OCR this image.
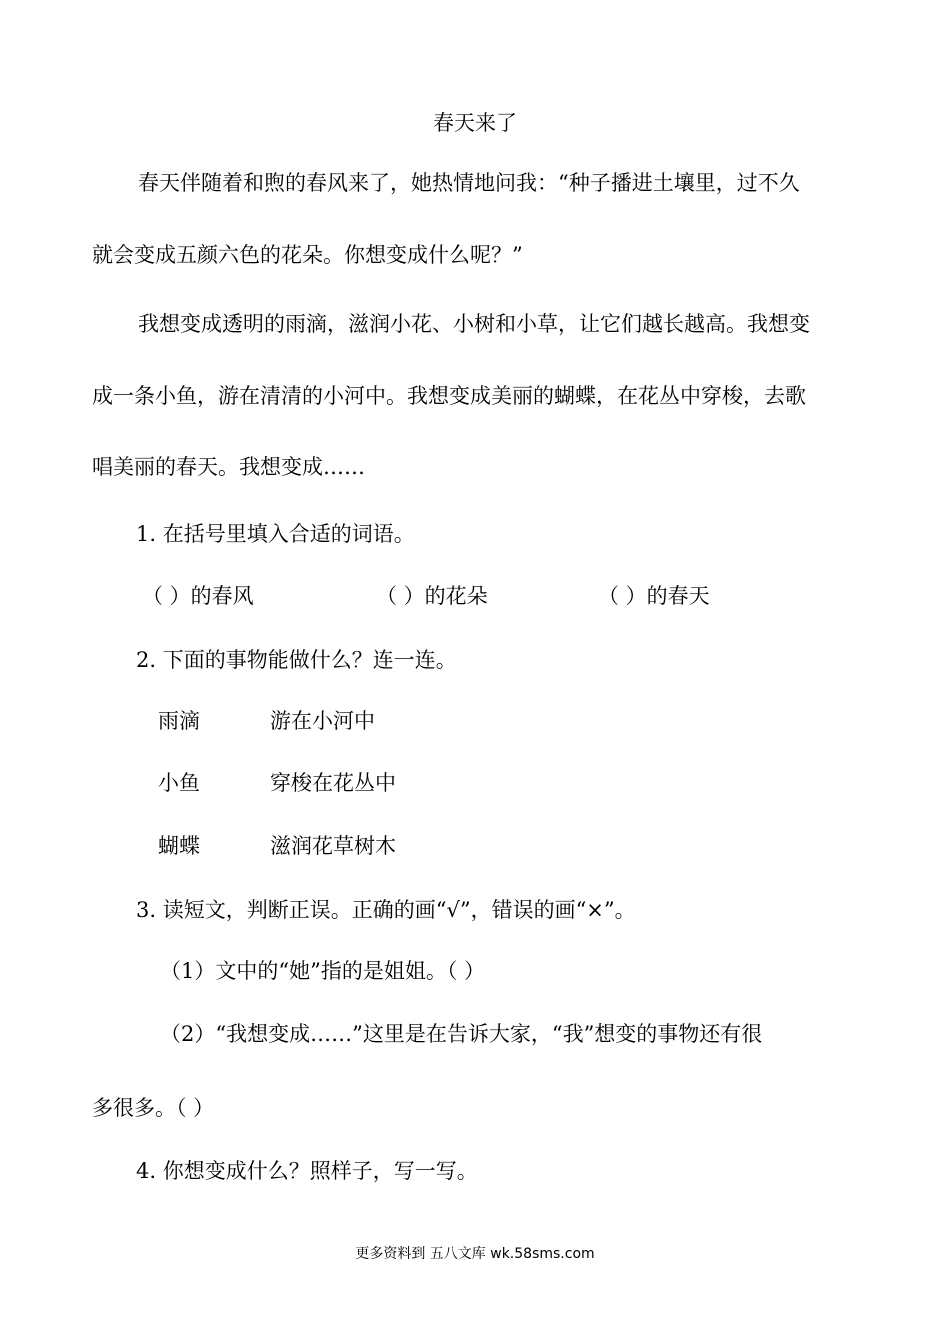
春天来了
春天伴随着和煦的春风来了，她热情地问我：“种子播进土壤里，过不久
就会变成五颜六色的花朵。你想变成什么呢？”
我想变成透明的雨滴，滋润小花、小树和小草，让它们越长越高。我想变
成一条小鱼，游在清清的小河中。我想变成美丽的蝴蝶，在花丛中穿梭，去歌
唱美丽的春天。我想变成……
1. 在括号里填入合适的词语。
（ ）的春风	（ ）的花朵	（ ）的春天
2. 下面的事物能做什么？连一连。
雨滴	游在小河中
小鱼	穿梭在花丛中
蝴蝶	滋润花草树木
3. 读短文，判断正误。正确的画“√”，错误的画“×”。
（1）文中的“她”指的是姐姐。（ ）
（2）“我想变成……”这里是在告诉大家，“我”想变的事物还有很
多很多。（ ）
4. 你想变成什么？照样子，写一写。
更多资料到 五八文库 wk.58sms.com
